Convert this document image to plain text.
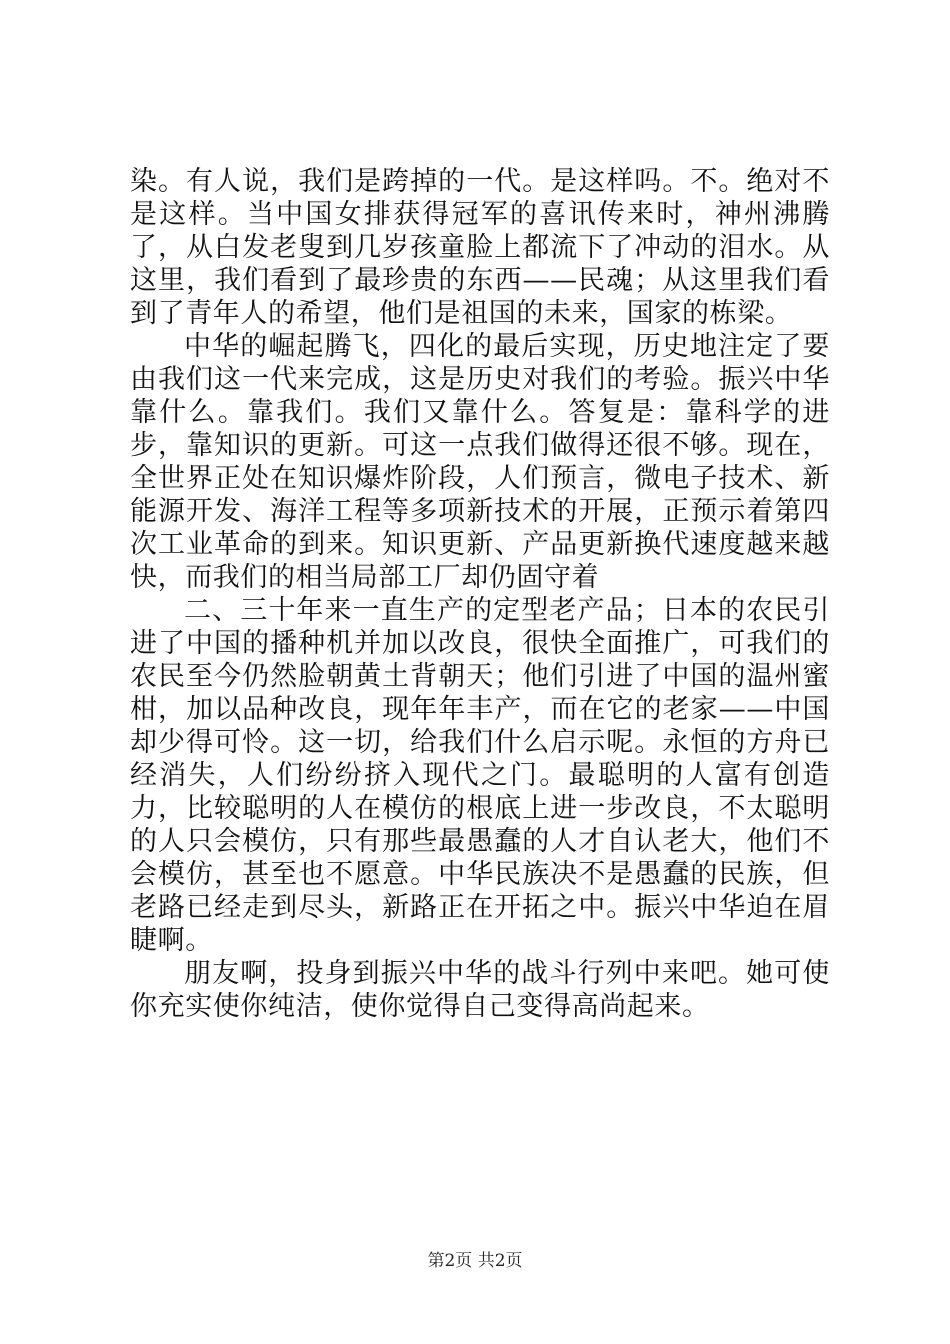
染。有人说，我们是跨掉的一代。是这样吗。不。绝对不是这样。当中国女排获得冠军的喜讯传来时，神州沸腾了，从白发老叟到几岁孩童脸上都流下了冲动的泪水。从这里，我们看到了最珍贵的东西——民魂；从这里我们看到了青年人的希望，他们是祖国的未来，国家的栋梁。

中华的崛起腾飞，四化的最后实现，历史地注定了要由我们这一代来完成，这是历史对我们的考验。振兴中华靠什么。靠我们。我们又靠什么。答复是：靠科学的进步，靠知识的更新。可这一点我们做得还很不够。现在，全世界正处在知识爆炸阶段，人们预言，微电子技术、新能源开发、海洋工程等多项新技术的开展，正预示着第四次工业革命的到来。知识更新、产品更新换代速度越来越快，而我们的相当局部工厂却仍固守着

二、三十年来一直生产的定型老产品；日本的农民引进了中国的播种机并加以改良，很快全面推广，可我们的农民至今仍然脸朝黄土背朝天；他们引进了中国的温州蜜柑，加以品种改良，现年年丰产，而在它的老家——中国却少得可怜。这一切，给我们什么启示呢。永恒的方舟已经消失，人们纷纷挤入现代之门。最聪明的人富有创造力，比较聪明的人在模仿的根底上进一步改良，不太聪明的人只会模仿，只有那些最愚蠢的人才自认老大，他们不会模仿，甚至也不愿意。中华民族决不是愚蠢的民族，但老路已经走到尽头，新路正在开拓之中。振兴中华迫在眉睫啊。

朋友啊，投身到振兴中华的战斗行列中来吧。她可使你充实使你纯洁，使你觉得自己变得高尚起来。

第2页 共2页
